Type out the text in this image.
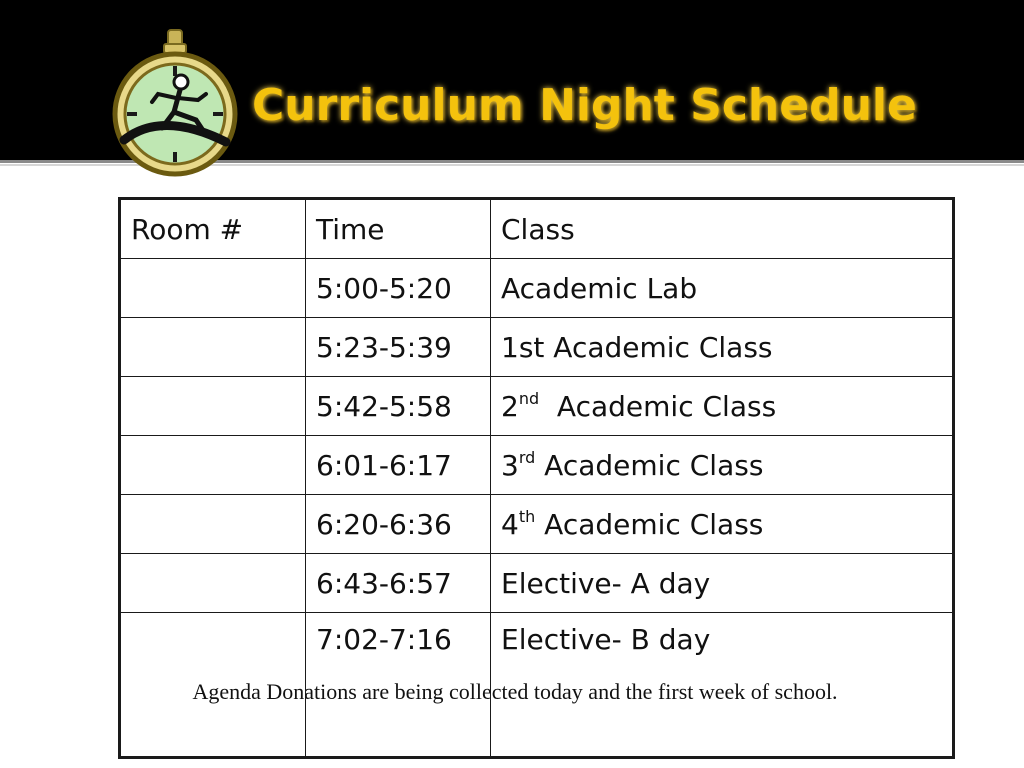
Curriculum Night Schedule
Room #	Time	Class
	5:00-5:20	Academic Lab
	5:23-5:39	1st Academic Class
	5:42-5:58	2nd  Academic Class
	6:01-6:17	3rd Academic Class
	6:20-6:36	4th Academic Class
	6:43-6:57	Elective- A day
	7:02-7:16	Elective- B day

Agenda Donations are being collected today and the first week of school.
